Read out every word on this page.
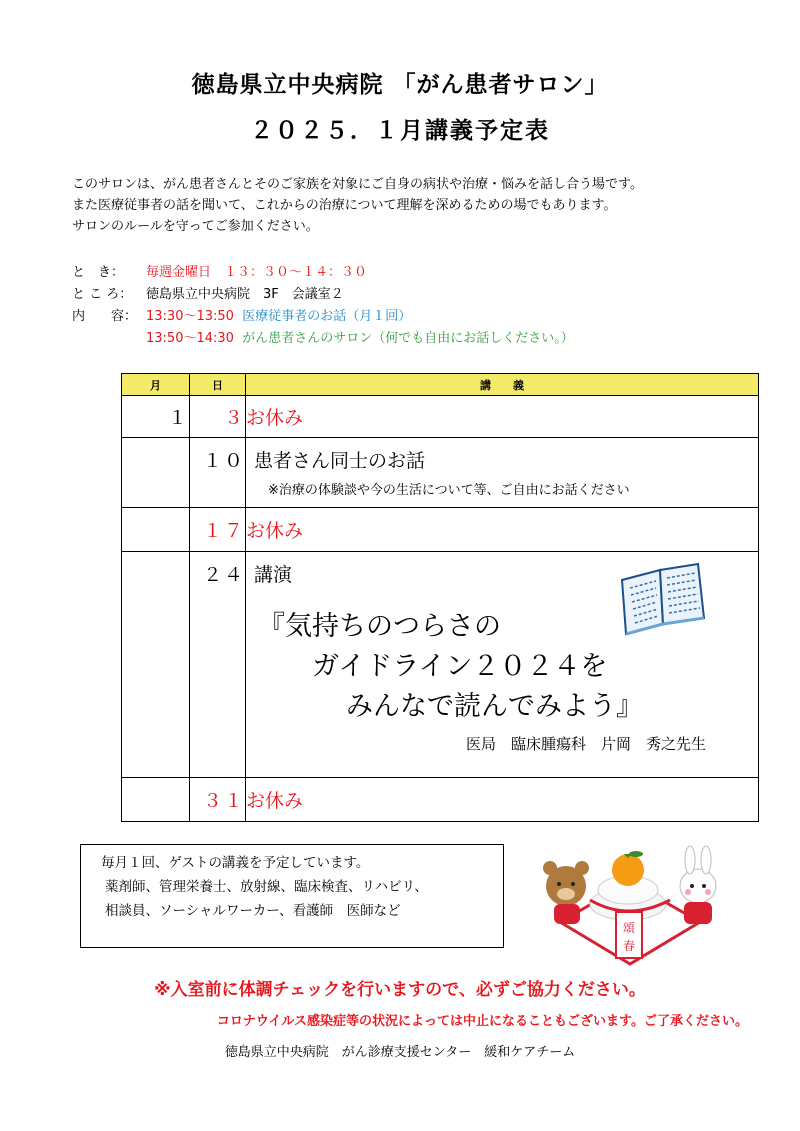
徳島県立中央病院 「がん患者サロン」
２０２５．１月講義予定表
このサロンは、がん患者さんとそのご家族を対象にご自身の病状や治療・悩みを話し合う場です。
また医療従事者の話を聞いて、これからの治療について理解を深めるための場でもあります。
サロンのルールを守ってご参加ください。
と　き： 毎週金曜日　１３：３０～１４：３０
と こ ろ： 徳島県立中央病院　3F　会議室２
内　　容： 13:30～13:50 医療従事者のお話（月１回）
13:50～14:30 がん患者さんのサロン（何でも自由にお話しください。）
月	日	講　　義
１	３	お休み
	１０	患者さん同士のお話
※治療の体験談や今の生活について等、ご自由にお話ください

	１７	お休み
	２４	講演
『気持ちのつらさの
ガイドライン２０２４を
みんなで読んでみよう』
医局　臨床腫瘍科　片岡　秀之先生

	３１	お休み
毎月１回、ゲストの講義を予定しています。
薬剤師、管理栄養士、放射線、臨床検査、リハビリ、
相談員、ソーシャルワーカー、看護師　医師など
頌
春
※入室前に体調チェックを行いますので、必ずご協力ください。
コロナウイルス感染症等の状況によっては中止になることもございます。ご了承ください。
徳島県立中央病院　がん診療支援センター　緩和ケアチーム
